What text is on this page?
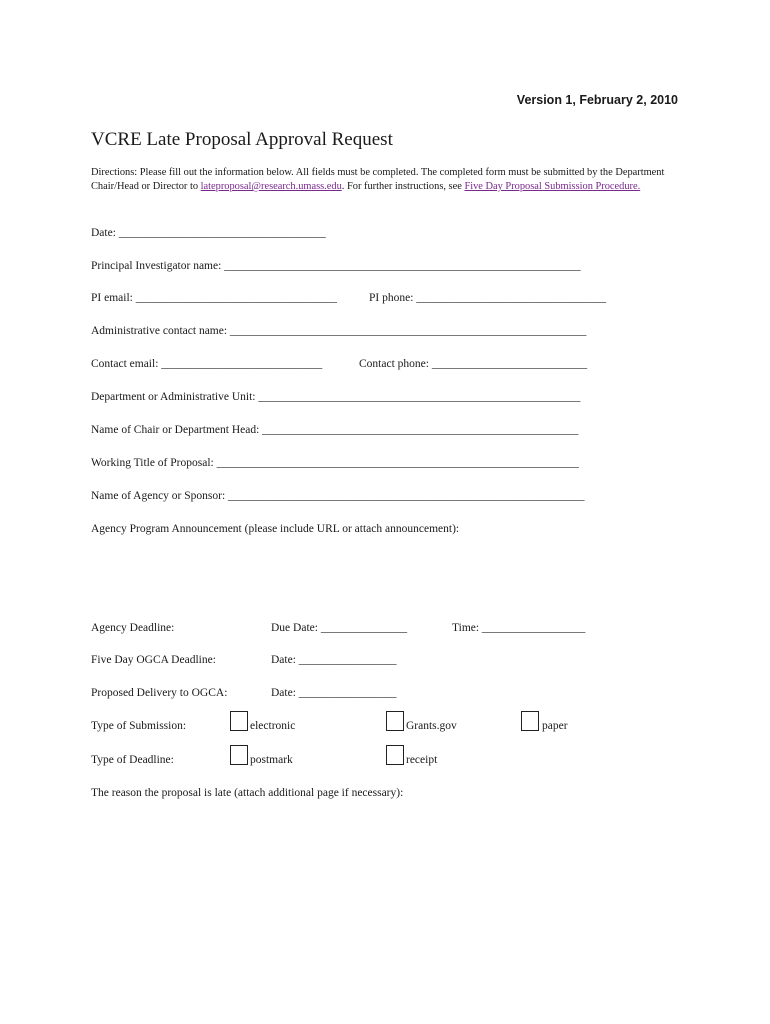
Version 1, February 2, 2010
VCRE Late Proposal Approval Request
Directions: Please fill out the information below. All fields must be completed. The completed form must be submitted by the Department Chair/Head or Director to lateproposal@research.umass.edu. For further instructions, see Five Day Proposal Submission Procedure.
Date: ____________________________________
Principal Investigator name: ______________________________________________________________
PI email: ___________________________________	PI phone: _________________________________
Administrative contact name: ______________________________________________________________
Contact email: ____________________________	Contact phone: ___________________________
Department or Administrative Unit: ________________________________________________________
Name of Chair or Department Head: _______________________________________________________
Working Title of Proposal: _______________________________________________________________
Name of Agency or Sponsor: ______________________________________________________________
Agency Program Announcement (please include URL or attach announcement):
Agency Deadline:	Due Date: _______________	Time: __________________
Five Day OGCA Deadline:	Date: _________________
Proposed Delivery to OGCA:	Date: _________________
Type of Submission:	electronic	Grants.gov	paper
Type of Deadline:	postmark	receipt
The reason the proposal is late (attach additional page if necessary):
